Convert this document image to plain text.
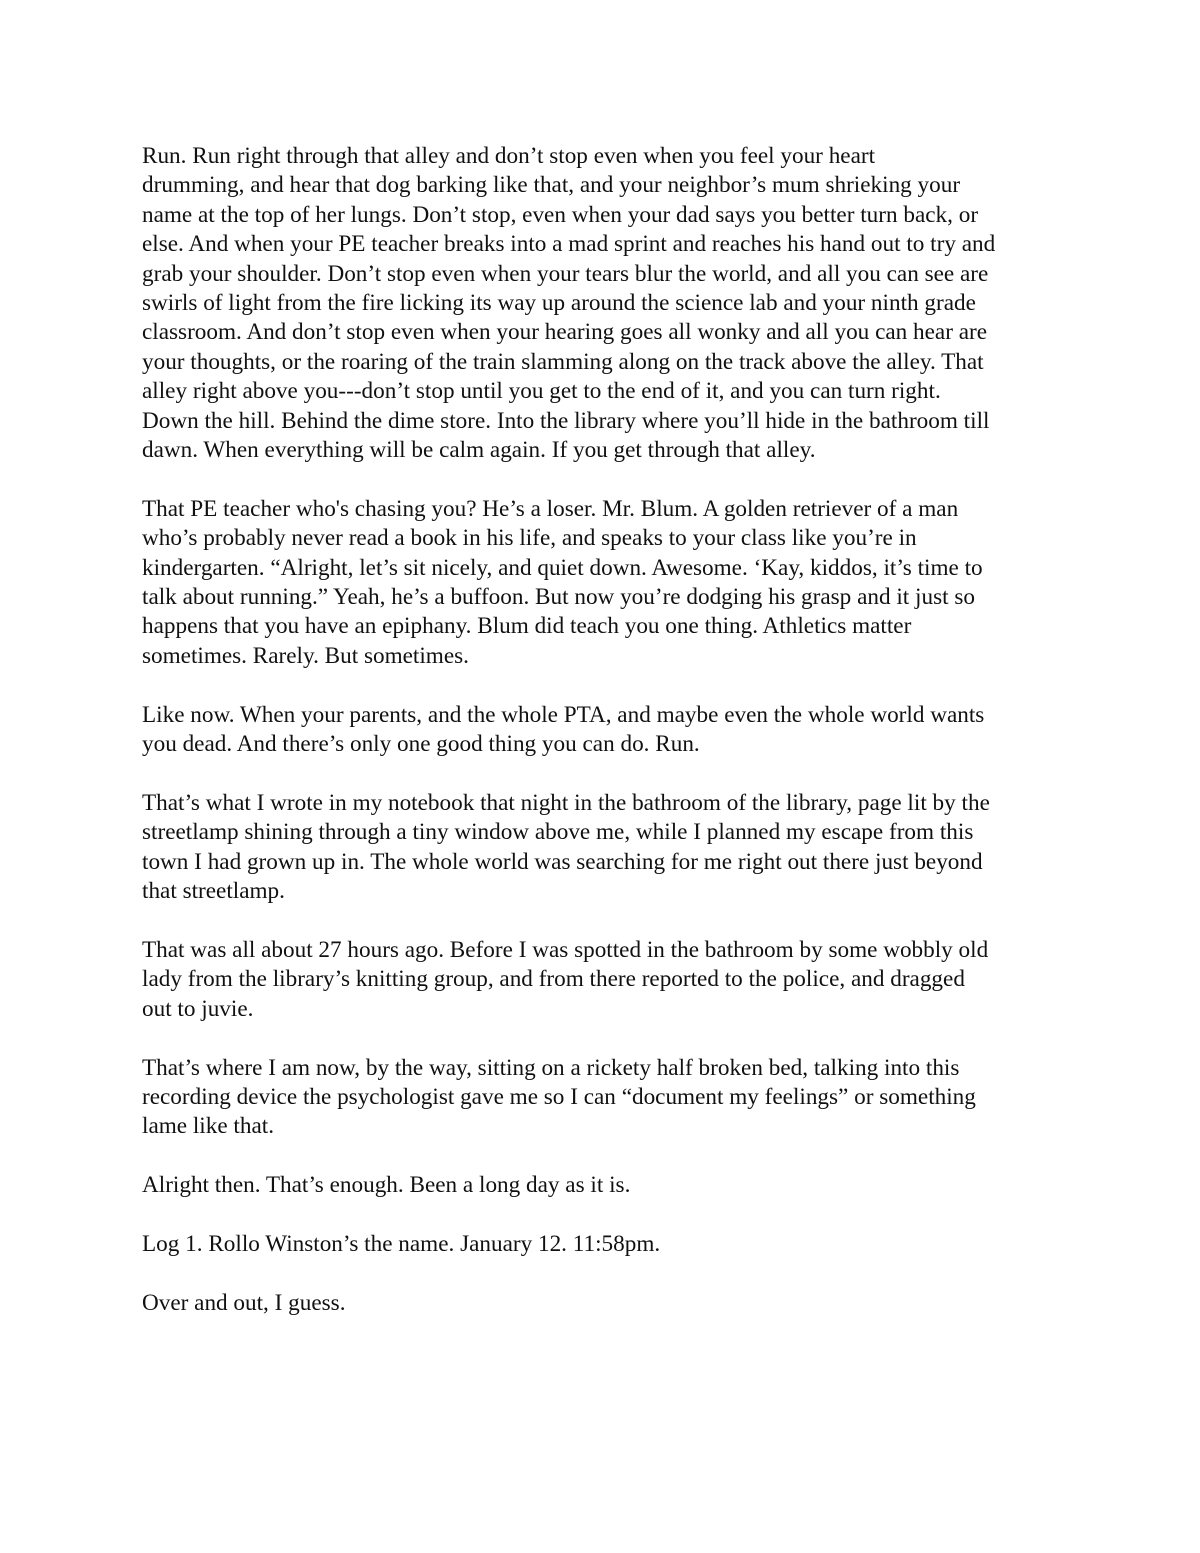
Run. Run right through that alley and don’t stop even when you feel your heart
drumming, and hear that dog barking like that, and your neighbor’s mum shrieking your
name at the top of her lungs. Don’t stop, even when your dad says you better turn back, or
else. And when your PE teacher breaks into a mad sprint and reaches his hand out to try and
grab your shoulder. Don’t stop even when your tears blur the world, and all you can see are
swirls of light from the fire licking its way up around the science lab and your ninth grade
classroom. And don’t stop even when your hearing goes all wonky and all you can hear are
your thoughts, or the roaring of the train slamming along on the track above the alley. That
alley right above you---don’t stop until you get to the end of it, and you can turn right.
Down the hill. Behind the dime store. Into the library where you’ll hide in the bathroom till
dawn. When everything will be calm again. If you get through that alley.

That PE teacher who's chasing you? He’s a loser. Mr. Blum. A golden retriever of a man
who’s probably never read a book in his life, and speaks to your class like you’re in
kindergarten. “Alright, let’s sit nicely, and quiet down. Awesome. ‘Kay, kiddos, it’s time to
talk about running.” Yeah, he’s a buffoon. But now you’re dodging his grasp and it just so
happens that you have an epiphany. Blum did teach you one thing. Athletics matter
sometimes. Rarely. But sometimes.

Like now. When your parents, and the whole PTA, and maybe even the whole world wants
you dead. And there’s only one good thing you can do. Run.

That’s what I wrote in my notebook that night in the bathroom of the library, page lit by the
streetlamp shining through a tiny window above me, while I planned my escape from this
town I had grown up in. The whole world was searching for me right out there just beyond
that streetlamp.

That was all about 27 hours ago. Before I was spotted in the bathroom by some wobbly old
lady from the library’s knitting group, and from there reported to the police, and dragged
out to juvie.

That’s where I am now, by the way, sitting on a rickety half broken bed, talking into this
recording device the psychologist gave me so I can “document my feelings” or something
lame like that.

Alright then. That’s enough. Been a long day as it is.

Log 1. Rollo Winston’s the name. January 12. 11:58pm.

Over and out, I guess.
